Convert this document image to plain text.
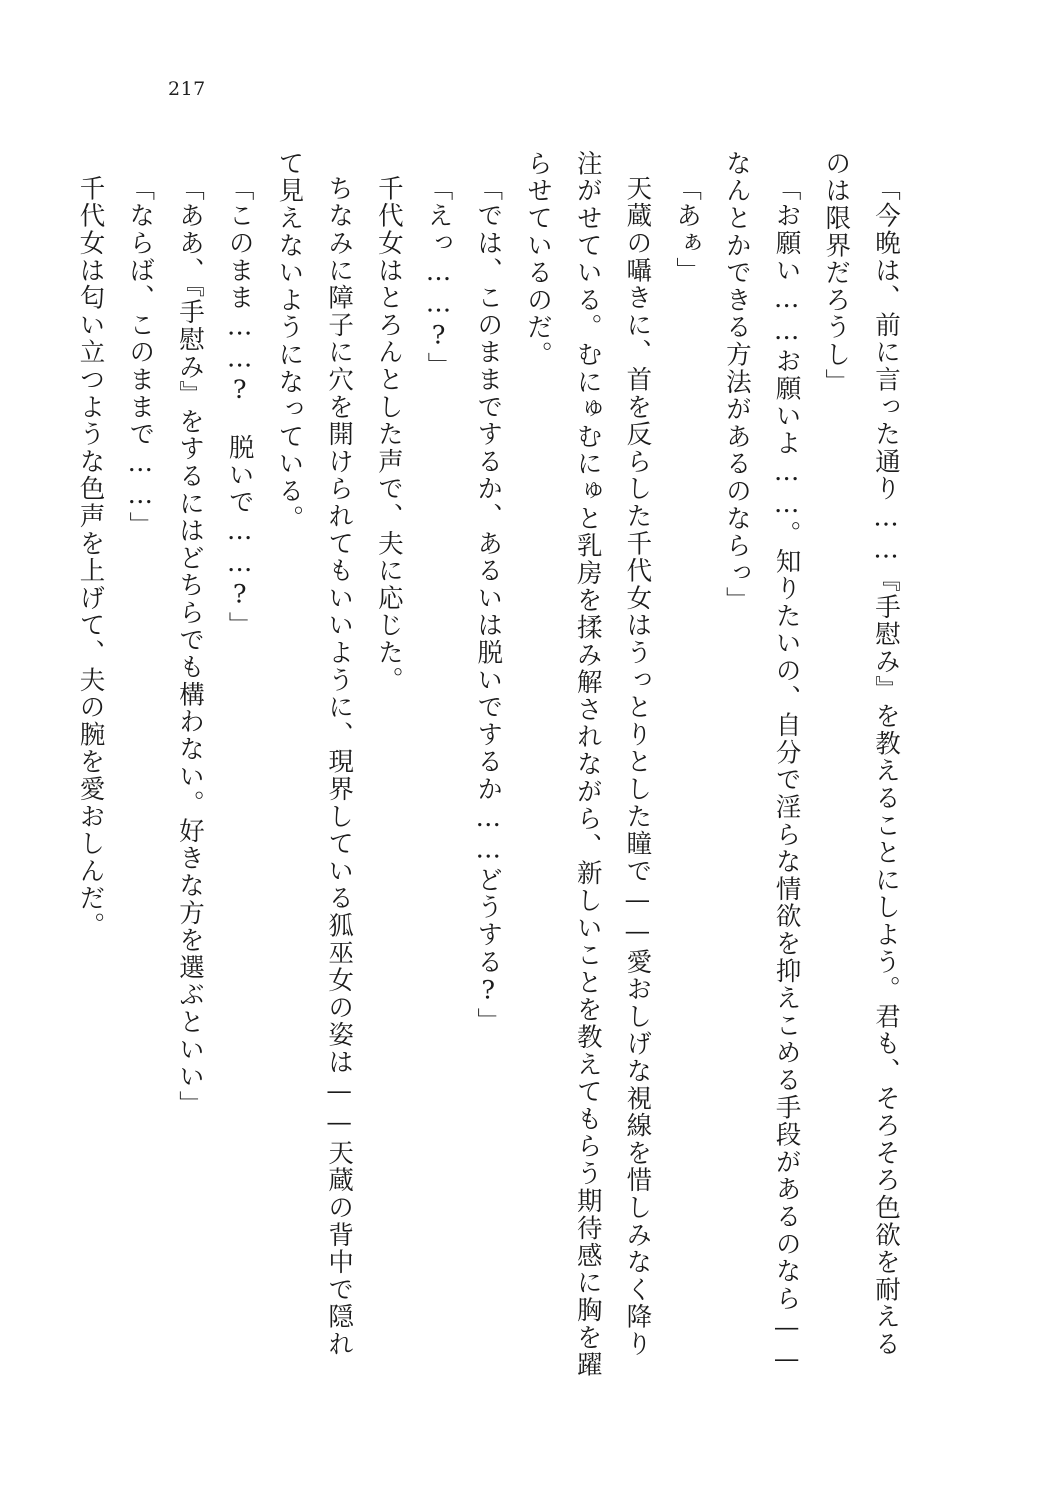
217

「今晩は、前に言った通り……『手慰み』を教えることにしよう。君も、そろそろ色欲を耐えるのは限界だろうし」

「お願い……お願いよ……。知りたいの、自分で淫らな情欲を抑えこめる手段があるのなら——なんとかできる方法があるのならっ」

「あぁ」

天蔵の囁きに、首を反らした千代女はうっとりとした瞳で——愛おしげな視線を惜しみなく降り注がせている。むにゅむにゅと乳房を揉み解されながら、新しいことを教えてもらう期待感に胸を躍らせているのだ。

「では、このままでするか、あるいは脱いでするか……どうする?」

「えっ……?」

千代女はとろんとした声で、夫に応じた。

ちなみに障子に穴を開けられてもいいように、現界している狐巫女の姿は——天蔵の背中で隠れて見えないようになっている。

「このまま……?　脱いで……?」

「ああ、『手慰み』をするにはどちらでも構わない。好きな方を選ぶといい」

「ならば、このままで……」

千代女は匂い立つような色声を上げて、夫の腕を愛おしんだ。
